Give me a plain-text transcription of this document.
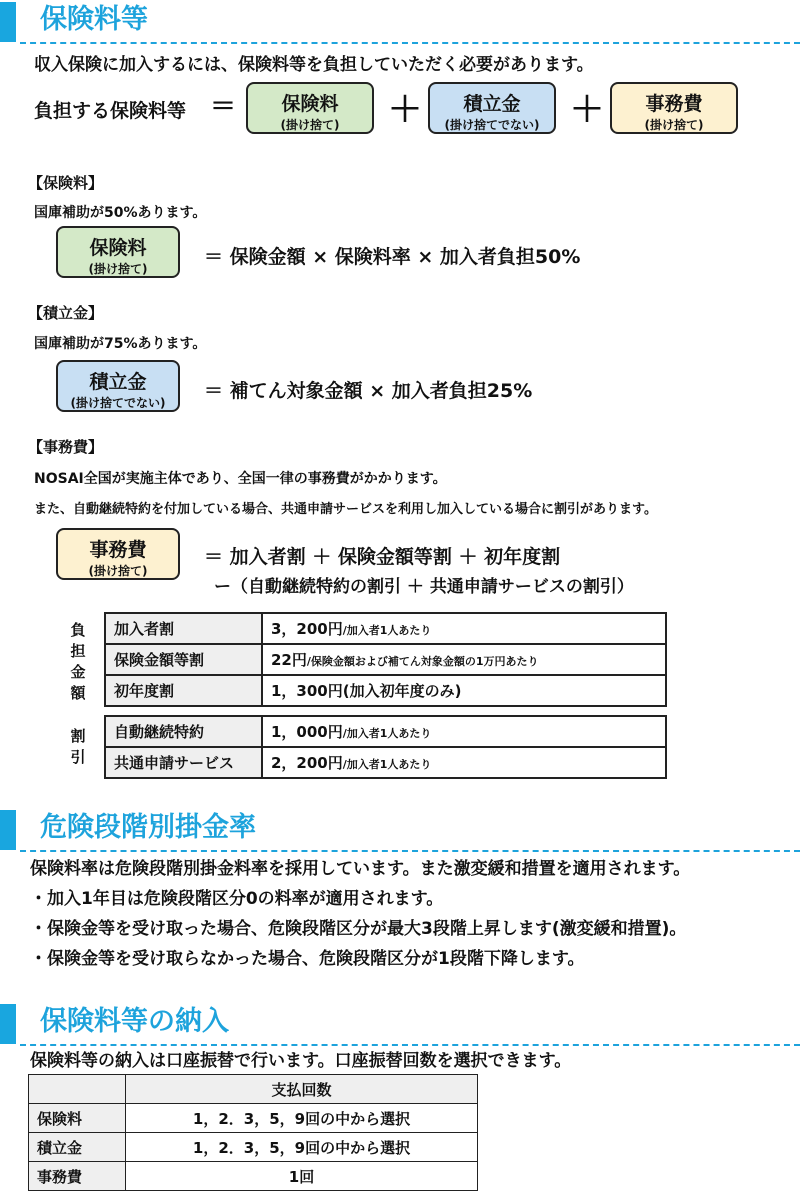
保険料等
収入保険に加入するには、保険料等を負担していただく必要があります。
負担する保険料等 ＝	保険料
(掛け捨て)	＋	積立金
(掛け捨てでない) ＋	事務費
(掛け捨て)
【保険料】
国庫補助が50%あります。
保険料
(掛け捨て)
＝ 保険金額 × 保険料率 × 加入者負担50%
【積立金】
国庫補助が75%あります。
積立金
(掛け捨てでない)
＝ 補てん対象金額 × 加入者負担25%
【事務費】
NOSAI全国が実施主体であり、全国一律の事務費がかかります。
また、自動継続特約を付加している場合、共通申請サービスを利用し加入している場合に割引があります。
事務費
(掛け捨て)
＝ 加入者割 ＋ 保険金額等割 ＋ 初年度割
ー（自動継続特約の割引 ＋ 共通申請サービスの割引）
負
担
金
額
加入者割	3，200円/加入者1人あたり
保険金額等割	22円/保険金額および補てん対象金額の1万円あたり
初年度割	1，300円(加入初年度のみ)
割
引
自動継続特約	1，000円/加入者1人あたり
共通申請サービス	2，200円/加入者1人あたり
危険段階別掛金率
保険料率は危険段階別掛金料率を採用しています。また激変緩和措置を適用されます。
・加入1年目は危険段階区分0の料率が適用されます。
・保険金等を受け取った場合、危険段階区分が最大3段階上昇します(激変緩和措置)。
・保険金等を受け取らなかった場合、危険段階区分が1段階下降します。
保険料等の納入
保険料等の納入は口座振替で行います。口座振替回数を選択できます。
	支払回数
保険料	1，2．3，5，9回の中から選択
積立金	1，2．3，5，9回の中から選択
事務費	1回
